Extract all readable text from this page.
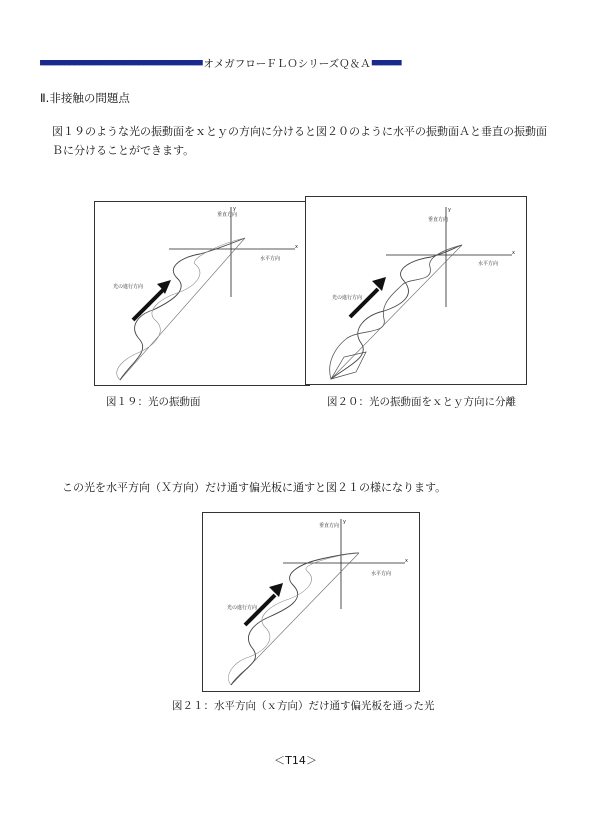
■■■■■■■■■■■■■■■■■■■■■■■■■■■■■■■■■ オメガフローＦＬＯシリーズＱ＆Ａ ■■■■■■
Ⅱ.非接触の問題点
図１９のような光の振動面をｘとｙの方向に分けると図２０のように水平の振動面Ａと垂直の振動面Ｂに分けることができます。
垂直方向
水平方向
光の進行方向
x
y
垂直方向
水平方向
光の進行方向
x
y
図１９：光の振動面	図２０：光の振動面をｘとｙ方向に分離
この光を水平方向（Ｘ方向）だけ通す偏光板に通すと図２１の様になります。
垂直方向
水平方向
光の進行方向
x
y
図２１：水平方向（ｘ方向）だけ通す偏光板を通った光
＜T14＞
